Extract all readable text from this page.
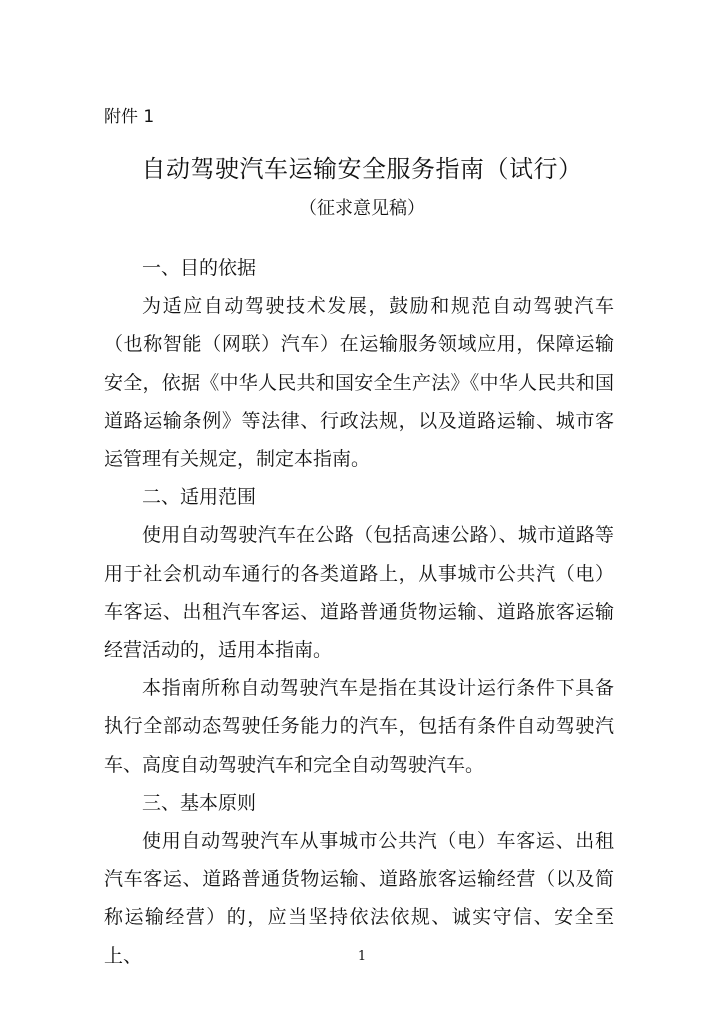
附件 1
自动驾驶汽车运输安全服务指南（试行）
（征求意见稿）

一、目的依据

为适应自动驾驶技术发展，鼓励和规范自动驾驶汽车（也称智能（网联）汽车）在运输服务领域应用，保障运输安全，依据《中华人民共和国安全生产法》《中华人民共和国道路运输条例》等法律、行政法规，以及道路运输、城市客运管理有关规定，制定本指南。

二、适用范围

使用自动驾驶汽车在公路（包括高速公路）、城市道路等用于社会机动车通行的各类道路上，从事城市公共汽（电）车客运、出租汽车客运、道路普通货物运输、道路旅客运输经营活动的，适用本指南。

本指南所称自动驾驶汽车是指在其设计运行条件下具备执行全部动态驾驶任务能力的汽车，包括有条件自动驾驶汽车、高度自动驾驶汽车和完全自动驾驶汽车。

三、基本原则

使用自动驾驶汽车从事城市公共汽（电）车客运、出租汽车客运、道路普通货物运输、道路旅客运输经营（以及简称运输经营）的，应当坚持依法依规、诚实守信、安全至上、	1
